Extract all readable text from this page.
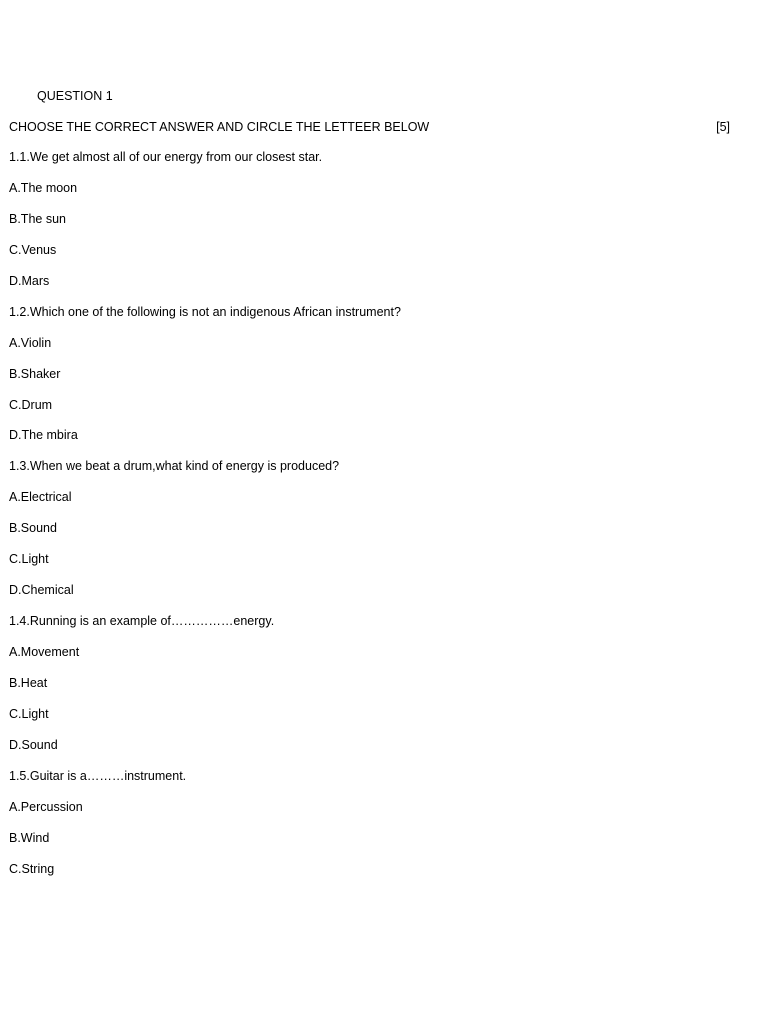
QUESTION 1
CHOOSE THE CORRECT ANSWER AND CIRCLE THE LETTEER BELOW	[5]
1.1.We get almost all of our energy from our closest star.
A.The moon
B.The sun
C.Venus
D.Mars
1.2.Which one of the following is not an indigenous African instrument?
A.Violin
B.Shaker
C.Drum
D.The mbira
1.3.When we beat a drum,what kind of energy is produced?
A.Electrical
B.Sound
C.Light
D.Chemical
1.4.Running is an example of……………energy.
A.Movement
B.Heat
C.Light
D.Sound
1.5.Guitar is a………instrument.
A.Percussion
B.Wind
C.String
